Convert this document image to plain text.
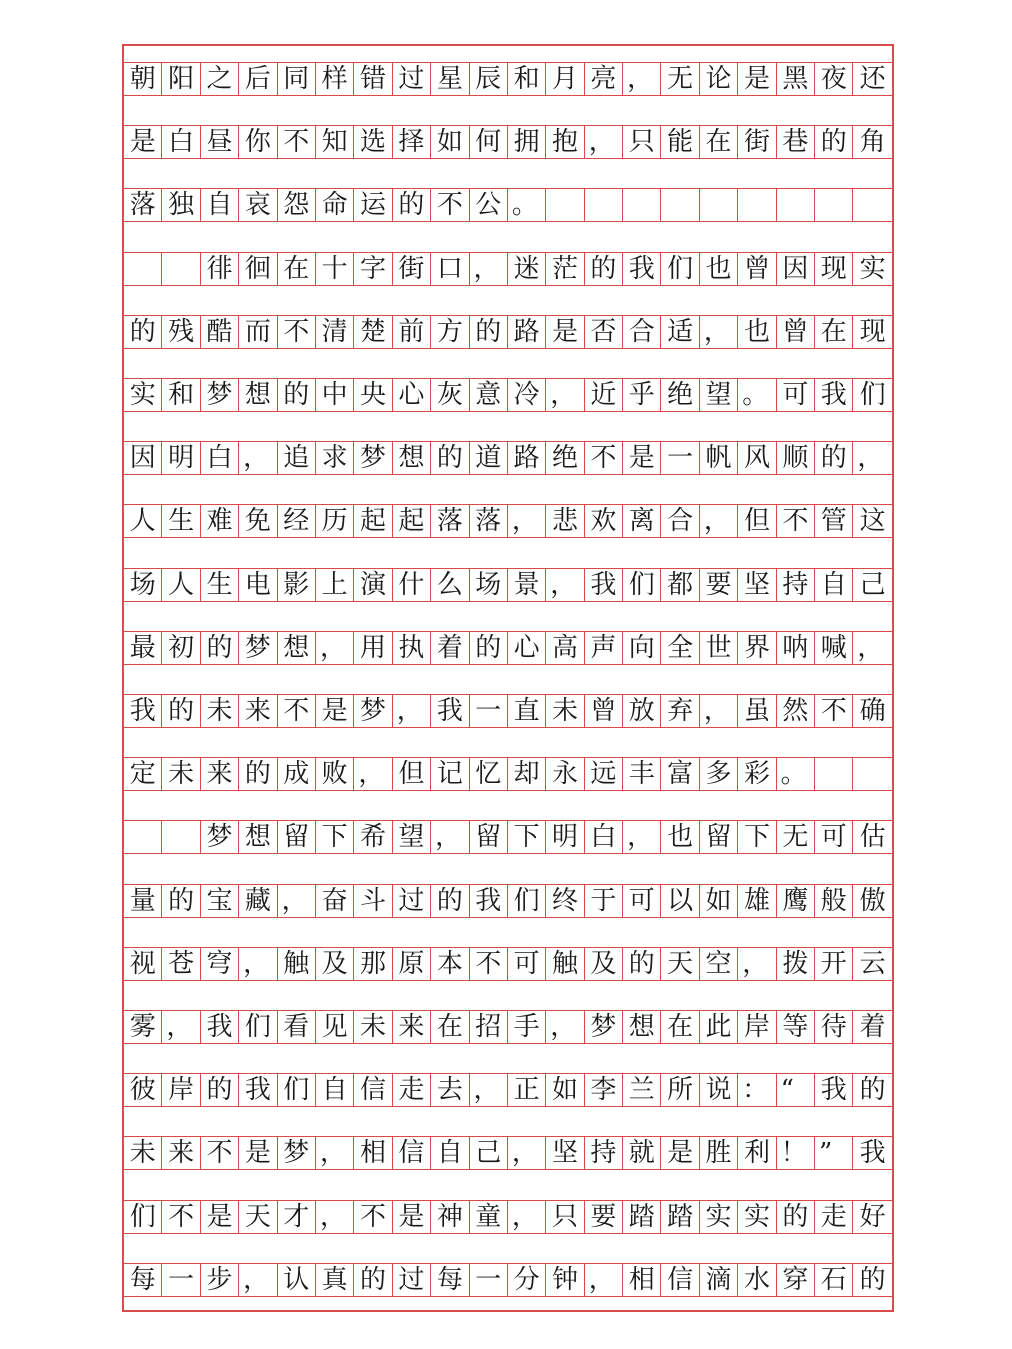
朝 阳 之 后 同 样 错 过 星 辰 和 月 亮 ， 无 论 是 黑 夜 还
是 白 昼 你 不 知 选 择 如 何 拥 抱 ， 只 能 在 街 巷 的 角
落 独 自 哀 怨 命 运 的 不 公 。
徘 徊 在 十 字 街 口 ， 迷 茫 的 我 们 也 曾 因 现 实
的 残 酷 而 不 清 楚 前 方 的 路 是 否 合 适 ， 也 曾 在 现
实 和 梦 想 的 中 央 心 灰 意 冷 ， 近 乎 绝 望 。 可 我 们
因 明 白 ， 追 求 梦 想 的 道 路 绝 不 是 一 帆 风 顺 的 ，
人 生 难 免 经 历 起 起 落 落 ， 悲 欢 离 合 ， 但 不 管 这
场 人 生 电 影 上 演 什 么 场 景 ， 我 们 都 要 坚 持 自 己
最 初 的 梦 想 ， 用 执 着 的 心 高 声 向 全 世 界 呐 喊 ，
我 的 未 来 不 是 梦 ， 我 一 直 未 曾 放 弃 ， 虽 然 不 确
定 未 来 的 成 败 ， 但 记 忆 却 永 远 丰 富 多 彩 。
梦 想 留 下 希 望 ， 留 下 明 白 ， 也 留 下 无 可 估
量 的 宝 藏 ， 奋 斗 过 的 我 们 终 于 可 以 如 雄 鹰 般 傲
视 苍 穹 ， 触 及 那 原 本 不 可 触 及 的 天 空 ， 拨 开 云
雾 ， 我 们 看 见 未 来 在 招 手 ， 梦 想 在 此 岸 等 待 着
彼 岸 的 我 们 自 信 走 去 ， 正 如 李 兰 所 说 ： “	我 的
未 来 不 是 梦 ， 相 信 自 己 ， 坚 持 就 是 胜 利 ！ ”	我
们 不 是 天 才 ， 不 是 神 童 ， 只 要 踏 踏 实 实 的 走 好
每 一 步 ， 认 真 的 过 每 一 分 钟 ， 相 信 滴 水 穿 石 的
